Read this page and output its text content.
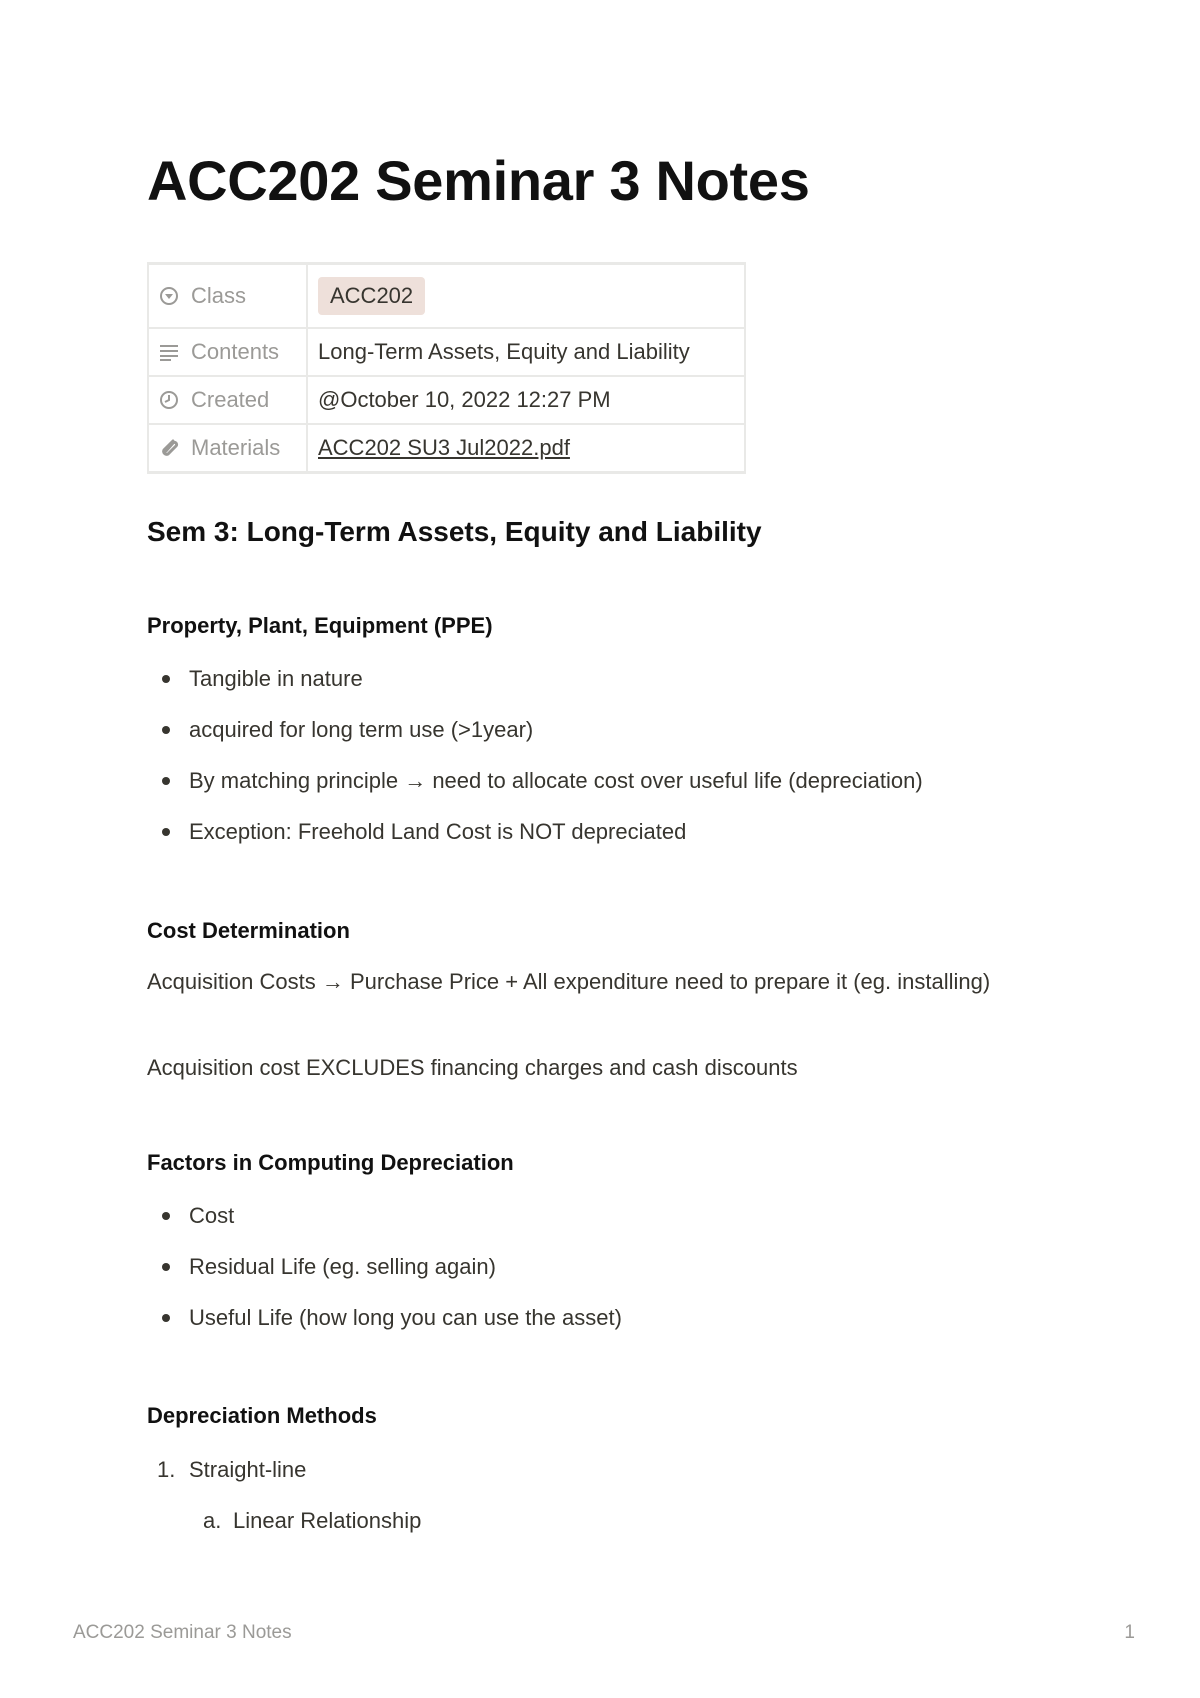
ACC202 Seminar 3 Notes
Class	ACC202
Contents	Long-Term Assets, Equity and Liability
Created	@October 10, 2022 12:27 PM
Materials	ACC202 SU3 Jul2022.pdf
Sem 3: Long-Term Assets, Equity and Liability
Property, Plant, Equipment (PPE)
Tangible in nature
acquired for long term use (>1year)
By matching principle → need to allocate cost over useful life (depreciation)
Exception: Freehold Land Cost is NOT depreciated
Cost Determination

Acquisition Costs → Purchase Price + All expenditure need to prepare it (eg. installing)

Acquisition cost EXCLUDES financing charges and cash discounts

Factors in Computing Depreciation
Cost
Residual Life (eg. selling again)
Useful Life (how long you can use the asset)
Depreciation Methods
1. Straight-line
a. Linear Relationship
ACC202 Seminar 3 Notes	1
